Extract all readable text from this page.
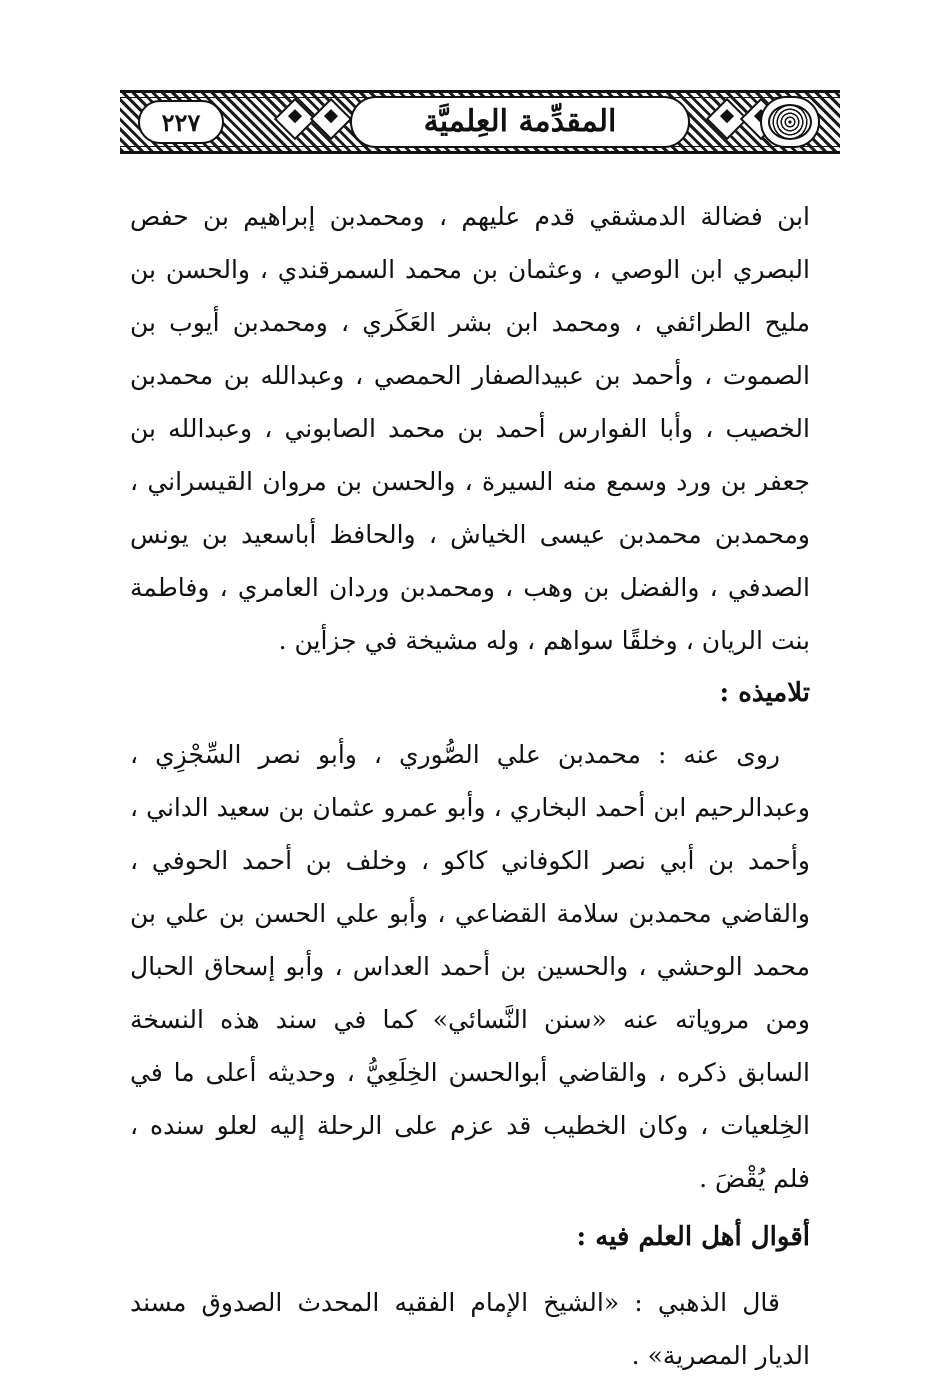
٢٢٧	المقدِّمة العِلميَّة

ابن فضالة الدمشقي قدم عليهم ، ومحمدبن إبراهيم بن حفص البصري ابن الوصي ، وعثمان بن محمد السمرقندي ، والحسن بن مليح الطرائفي ، ومحمد ابن بشر العَكَري ، ومحمدبن أيوب بن الصموت ، وأحمد بن عبيدالصفار الحمصي ، وعبدالله بن محمدبن الخصيب ، وأبا الفوارس أحمد بن محمد الصابوني ، وعبدالله بن جعفر بن ورد وسمع منه السيرة ، والحسن بن مروان القيسراني ، ومحمدبن محمدبن عيسى الخياش ، والحافظ أباسعيد بن يونس الصدفي ، والفضل بن وهب ، ومحمدبن وردان العامري ، وفاطمة بنت الريان ، وخلقًا سواهم ، وله مشيخة في جزأين .

تلاميذه :

روى عنه : محمدبن علي الصُّوري ، وأبو نصر السِّجْزِي ، وعبدالرحيم ابن أحمد البخاري ، وأبو عمرو عثمان بن سعيد الداني ، وأحمد بن أبي نصر الكوفاني كاكو ، وخلف بن أحمد الحوفي ، والقاضي محمدبن سلامة القضاعي ، وأبو علي الحسن بن علي بن محمد الوحشي ، والحسين بن أحمد العداس ، وأبو إسحاق الحبال ومن مروياته عنه «سنن النَّسائي» كما في سند هذه النسخة السابق ذكره ، والقاضي أبوالحسن الخِلَعِيُّ ، وحديثه أعلى ما في الخِلعيات ، وكان الخطيب قد عزم على الرحلة إليه لعلو سنده ، فلم يُقْضَ .

أقوال أهل العلم فيه :

قال الذهبي : «الشيخ الإمام الفقيه المحدث الصدوق مسند الديار المصرية» .
